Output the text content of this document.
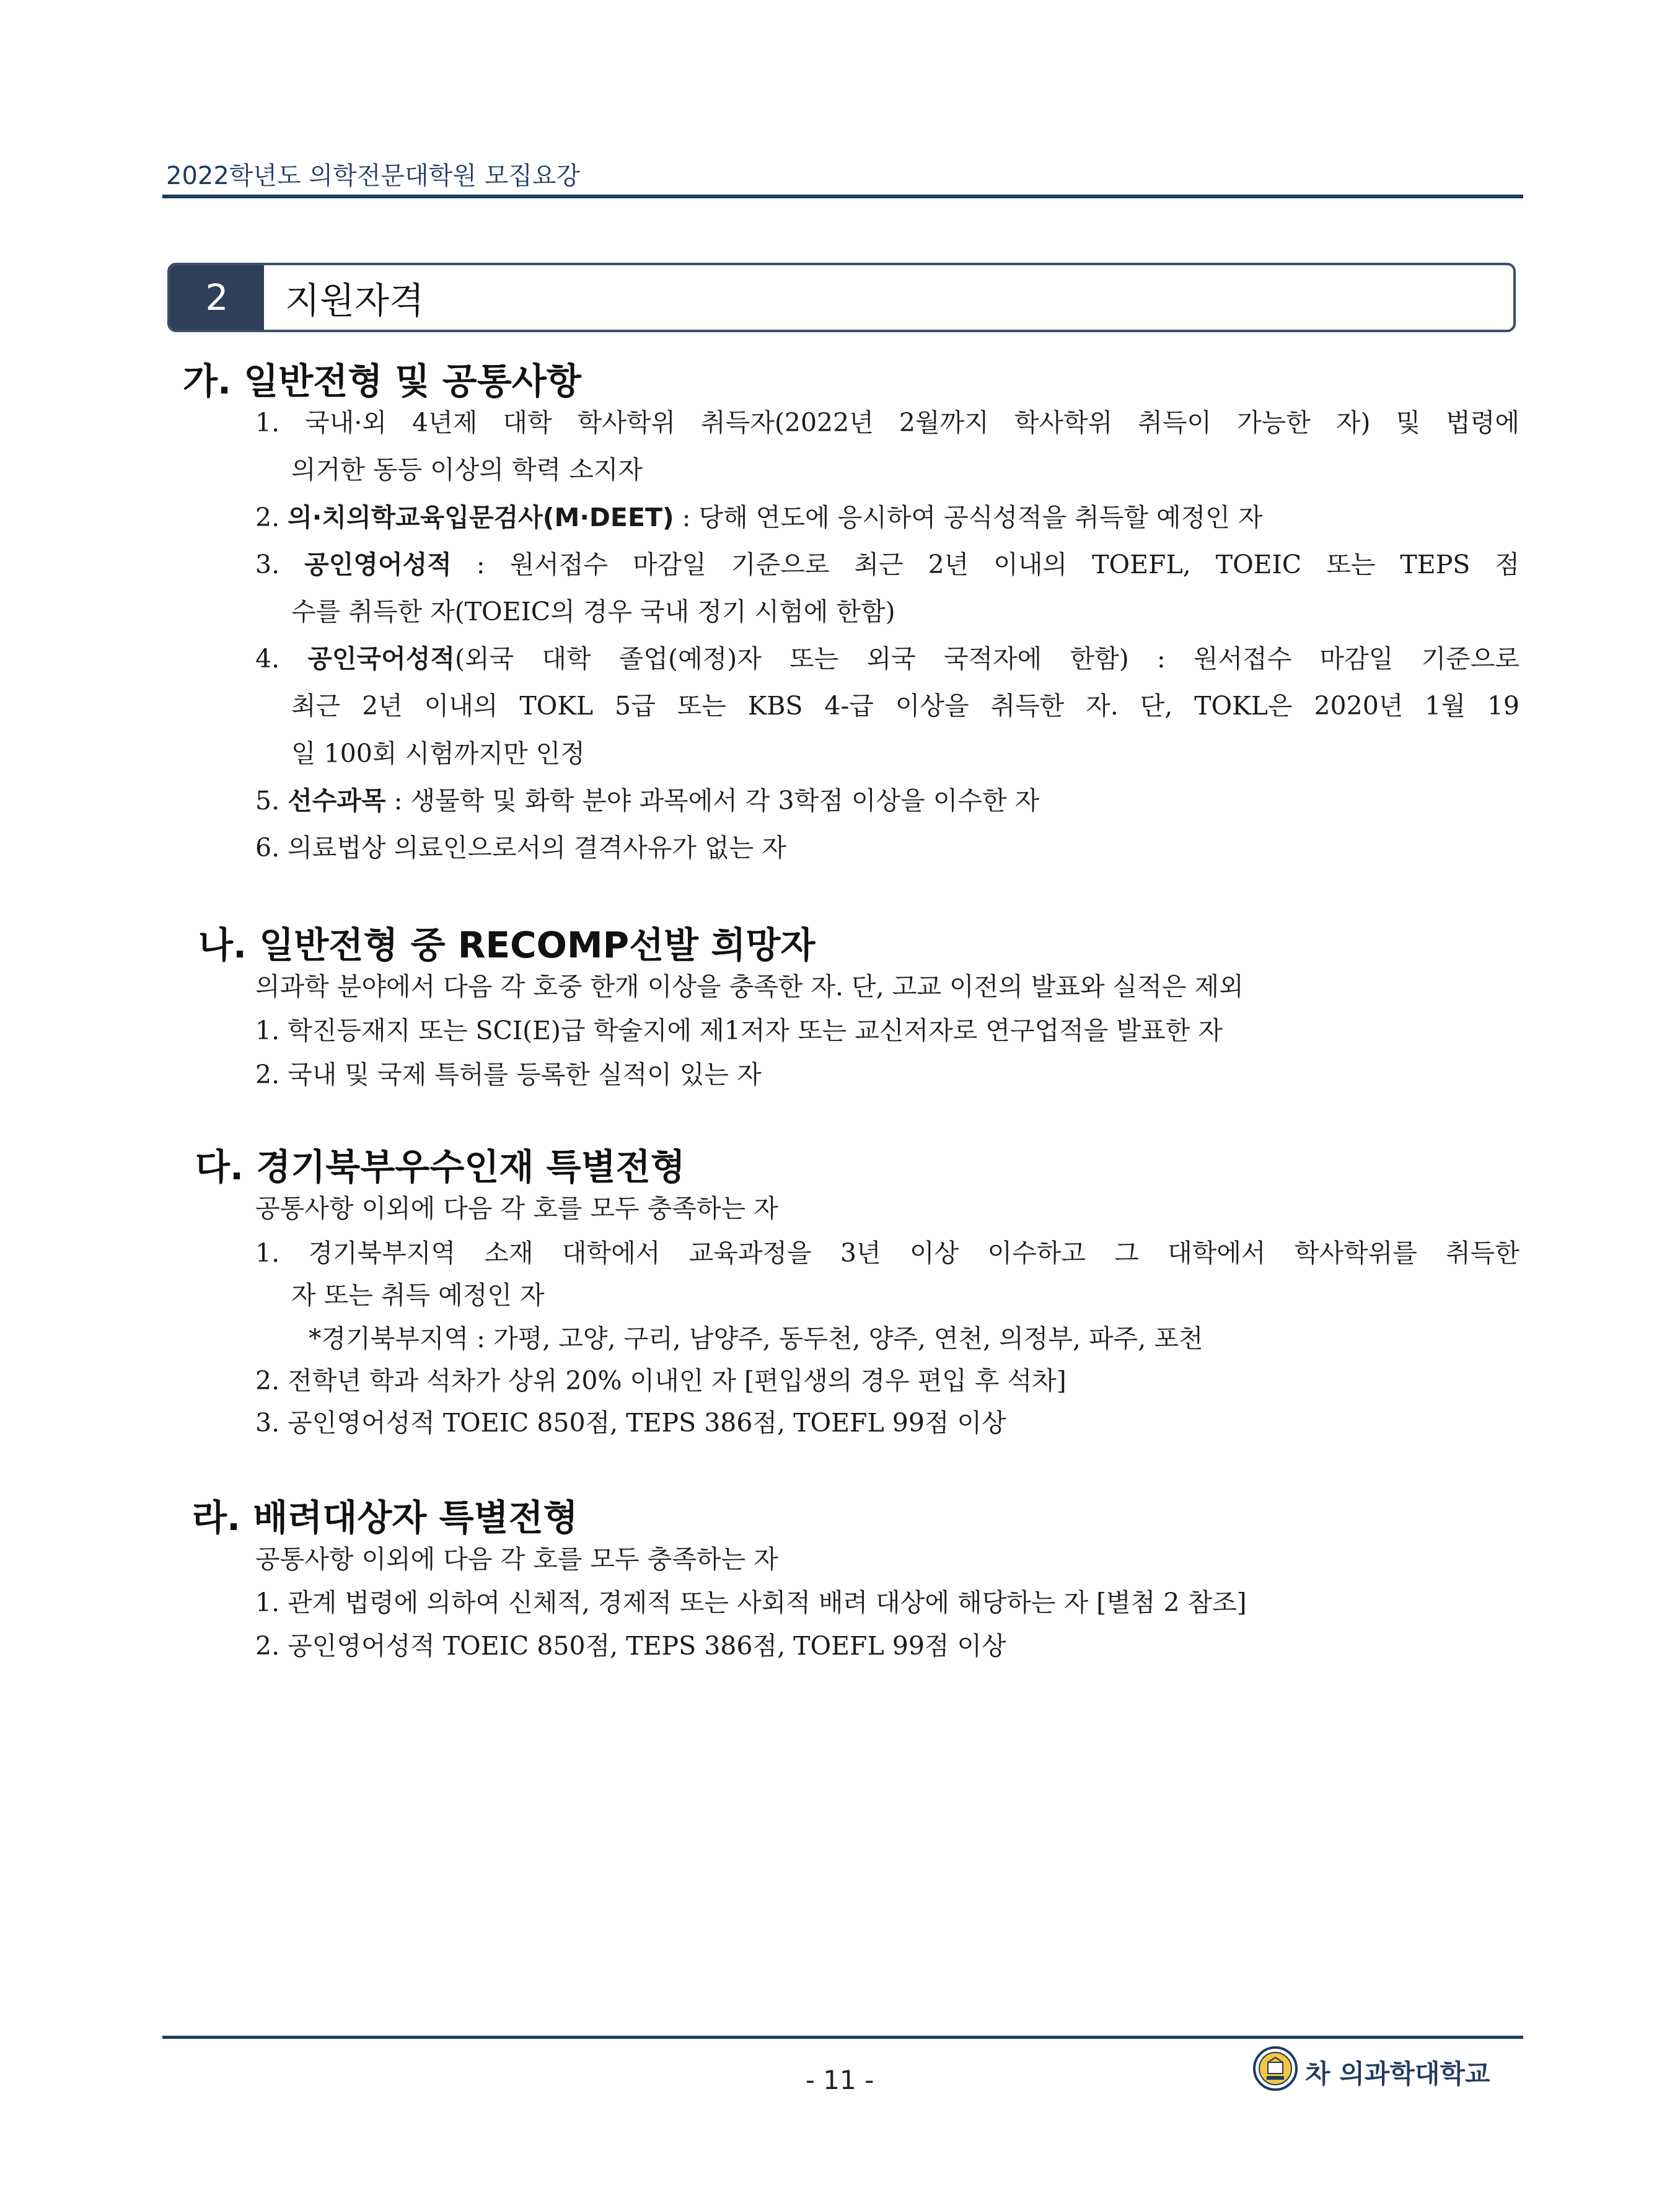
2022학년도 의학전문대학원 모집요강
2	지원자격
가. 일반전형 및 공통사항
1. 국내·외 4년제 대학 학사학위 취득자(2022년 2월까지 학사학위 취득이 가능한 자) 및 법령에
의거한 동등 이상의 학력 소지자
2. 의·치의학교육입문검사(M·DEET) : 당해 연도에 응시하여 공식성적을 취득할 예정인 자
3. 공인영어성적 : 원서접수 마감일 기준으로 최근 2년 이내의 TOEFL, TOEIC 또는 TEPS 점
수를 취득한 자(TOEIC의 경우 국내 정기 시험에 한함)
4. 공인국어성적(외국 대학 졸업(예정)자 또는 외국 국적자에 한함) : 원서접수 마감일 기준으로
최근 2년 이내의 TOKL 5급 또는 KBS 4-급 이상을 취득한 자. 단, TOKL은 2020년 1월 19
일 100회 시험까지만 인정
5. 선수과목 : 생물학 및 화학 분야 과목에서 각 3학점 이상을 이수한 자
6. 의료법상 의료인으로서의 결격사유가 없는 자
나. 일반전형 중 RECOMP선발 희망자
의과학 분야에서 다음 각 호중 한개 이상을 충족한 자. 단, 고교 이전의 발표와 실적은 제외
1. 학진등재지 또는 SCI(E)급 학술지에 제1저자 또는 교신저자로 연구업적을 발표한 자
2. 국내 및 국제 특허를 등록한 실적이 있는 자
다. 경기북부우수인재 특별전형
공통사항 이외에 다음 각 호를 모두 충족하는 자
1. 경기북부지역 소재 대학에서 교육과정을 3년 이상 이수하고 그 대학에서 학사학위를 취득한
자 또는 취득 예정인 자
*경기북부지역 : 가평, 고양, 구리, 남양주, 동두천, 양주, 연천, 의정부, 파주, 포천
2. 전학년 학과 석차가 상위 20% 이내인 자 [편입생의 경우 편입 후 석차]
3. 공인영어성적 TOEIC 850점, TEPS 386점, TOEFL 99점 이상
라. 배려대상자 특별전형
공통사항 이외에 다음 각 호를 모두 충족하는 자
1. 관계 법령에 의하여 신체적, 경제적 또는 사회적 배려 대상에 해당하는 자 [별첨 2 참조]
2. 공인영어성적 TOEIC 850점, TEPS 386점, TOEFL 99점 이상
- 11 -	차 의과학대학교
